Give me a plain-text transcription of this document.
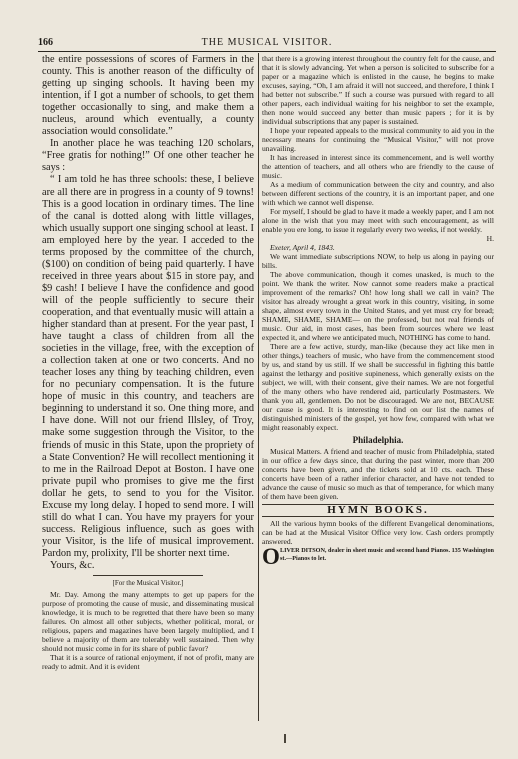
166	THE MUSICAL VISITOR.

the entire possessions of scores of Farmers in the county. This is another reason of the difficulty of getting up singing schools. It having been my intention, if I got a number of schools, to get them together occasionally to sing, and make them a nucleus, around which eventually, a county association would consolidate.”

In another place he was teaching 120 scholars, “Free gratis for nothing!” Of one other teacher he says :

“ I am told he has three schools: these, I believe are all there are in progress in a county of 9 towns! This is a good location in ordinary times. The line of the canal is dotted along with little villages, which usually support one singing school at least. I am employed here by the year. I acceded to the terms proposed by the committee of the church, ($100) on condition of being paid quarterly. I have received in three years about $15 in store pay, and $9 cash! I believe I have the confidence and good will of the people sufficiently to secure their cooperation, and that eventually music will attain a higher standard than at present. For the year past, I have taught a class of children from all the societies in the village, free, with the exception of a collection taken at one or two concerts. And no teacher loses any thing by teaching children, even for no pecuniary compensation. It is the future hope of music in this country, and teachers are beginning to understand it so. One thing more, and I have done. Will not our friend Illsley, of Troy, make some suggestion through the Visitor, to the friends of music in this State, upon the propriety of a State Convention? He will recollect mentioning it to me in the Railroad Depot at Boston. I have one private pupil who promises to give me the first dollar he gets, to send to you for the Visitor. Excuse my long delay. I hoped to send more. I will still do what I can. You have my prayers for your success. Religious influence, such as goes with your Visitor, is the life of musical improvement. Pardon my, prolixity, I'll be shorter next time.

Yours, &c.

[For the Musical Visitor.]

Mr. Day. Among the many attempts to get up papers for the purpose of promoting the cause of music, and disseminating musical knowledge, it is much to be regretted that there have been so many failures. On almost all other subjects, whether political, moral, or religious, papers and magazines have been largely multiplied, and I believe a majority of them are tolerably well sustained. Then why should not music come in for its share of public favor?

That it is a source of rational enjoyment, if not of profit, many are ready to admit. And it is evident

that there is a growing interest throughout the country felt for the cause, and that it is slowly advancing. Yet when a person is solicited to subscribe for a paper or a magazine which is enlisted in the cause, he begins to make excuses, saying, “Oh, I am afraid it will not succeed, and therefore, I think I had better not subscribe.” If such a course was pursued with regard to all other papers, each individual waiting for his neighbor to set the example, then none would succeed any better than music papers ; for it is by individual subscriptions that any paper is sustained.

I hope your repeated appeals to the musical community to aid you in the necessary means for continuing the “Musical Visitor,” will not prove unavailing.

It has increased in interest since its commencement, and is well worthy the attention of teachers, and all others who are friendly to the cause of music.

As a medium of communication between the city and country, and also between different sections of the country, it is an important paper, and one with which we cannot well dispense.

For myself, I should be glad to have it made a weekly paper, and I am not alone in the wish that you may meet with such encouragement, as will enable you ere long, to issue it regularly every two weeks, if not weekly.

H.

Exeter, April 4, 1843.

We want immediate subscriptions NOW, to help us along in paying our bills.

The above communication, though it comes unasked, is much to the point. We thank the writer. Now cannot some readers make a practical improvement of the remarks? Oh! how long shall we call in vain? The visitor has already wrought a great work in this country, visiting, in some shape, almost every town in the United States, and yet must cry for bread; SHAME, SHAME, SHAME— on the professed, but not real friends of music. Our aid, in most cases, has been from sources where we least expected it, and where we anticipated much, NOTHING has come to hand.

There are a few active, sturdy, man-like (because they act like men in other things,) teachers of music, who have from the commencement stood by us, and stand by us still. If we shall be successful in fighting this battle against the lethargy and positive supineness, which generally exists on the subject, we will, with their consent, give their names. We are not forgetful of the many others who have rendered aid, particularly Postmasters. We thank you all, gentlemen. Do not be discouraged. We are not, BECAUSE our cause is good. It is interesting to find on our list the names of distinguished ministers of the gospel, yet how few, compared with what we might reasonably expect.

Philadelphia.

Musical Matters. A friend and teacher of music from Philadelphia, stated in our office a few days since, that during the past winter, more than 200 concerts have been given, and the tickets sold at 10 cts. each. These concerts have been of a rather inferior character, and have not tended to advance the cause of music so much as that of temperance, for which many of them have been given.

HYMN BOOKS.

All the various hymn books of the different Evangelical denominations, can be had at the Musical Visitor Office very low. Cash orders promptly answered.

O LIVER DITSON, dealer in sheet music and second hand Pianos. 135 Washington st.—Pianos to let.
